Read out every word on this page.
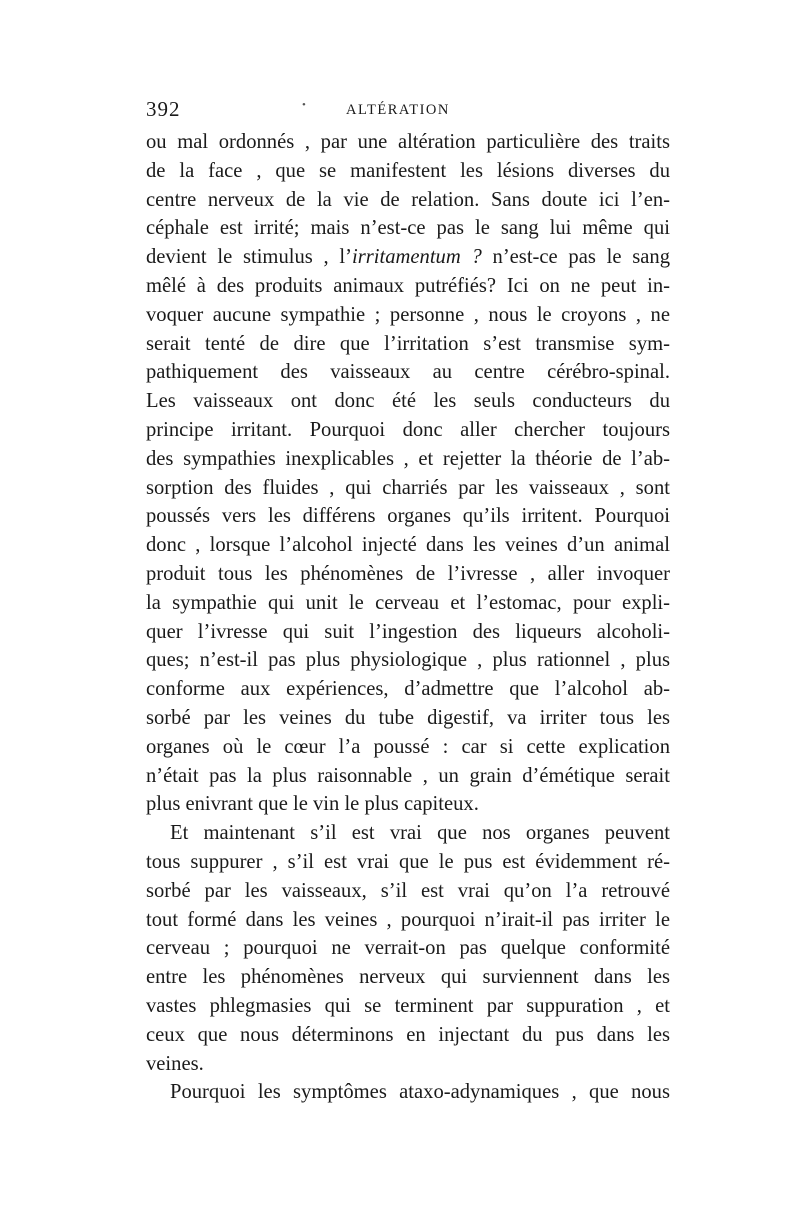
392	•	ALTÉRATION
ou mal ordonnés , par une altération particulière des traits
de la face , que se manifestent les lésions diverses du
centre nerveux de la vie de relation. Sans doute ici l’en-
céphale est irrité; mais n’est-ce pas le sang lui même qui
devient le stimulus , l’irritamentum ? n’est-ce pas le sang
mêlé à des produits animaux putréfiés? Ici on ne peut in-
voquer aucune sympathie ; personne , nous le croyons , ne
serait tenté de dire que l’irritation s’est transmise sym-
pathiquement des vaisseaux au centre cérébro-spinal.
Les vaisseaux ont donc été les seuls conducteurs du
principe irritant. Pourquoi donc aller chercher toujours
des sympathies inexplicables , et rejetter la théorie de l’ab-
sorption des fluides , qui charriés par les vaisseaux , sont
poussés vers les différens organes qu’ils irritent. Pourquoi
donc , lorsque l’alcohol injecté dans les veines d’un animal
produit tous les phénomènes de l’ivresse , aller invoquer
la sympathie qui unit le cerveau et l’estomac, pour expli-
quer l’ivresse qui suit l’ingestion des liqueurs alcoholi-
ques; n’est-il pas plus physiologique , plus rationnel , plus
conforme aux expériences, d’admettre que l’alcohol ab-
sorbé par les veines du tube digestif, va irriter tous les
organes où le cœur l’a poussé : car si cette explication
n’était pas la plus raisonnable , un grain d’émétique serait
plus enivrant que le vin le plus capiteux.
Et maintenant s’il est vrai que nos organes peuvent
tous suppurer , s’il est vrai que le pus est évidemment ré-
sorbé par les vaisseaux, s’il est vrai qu’on l’a retrouvé
tout formé dans les veines , pourquoi n’irait-il pas irriter le
cerveau ; pourquoi ne verrait-on pas quelque conformité
entre les phénomènes nerveux qui surviennent dans les
vastes phlegmasies qui se terminent par suppuration , et
ceux que nous déterminons en injectant du pus dans les
veines.
Pourquoi les symptômes ataxo-adynamiques , que nous
